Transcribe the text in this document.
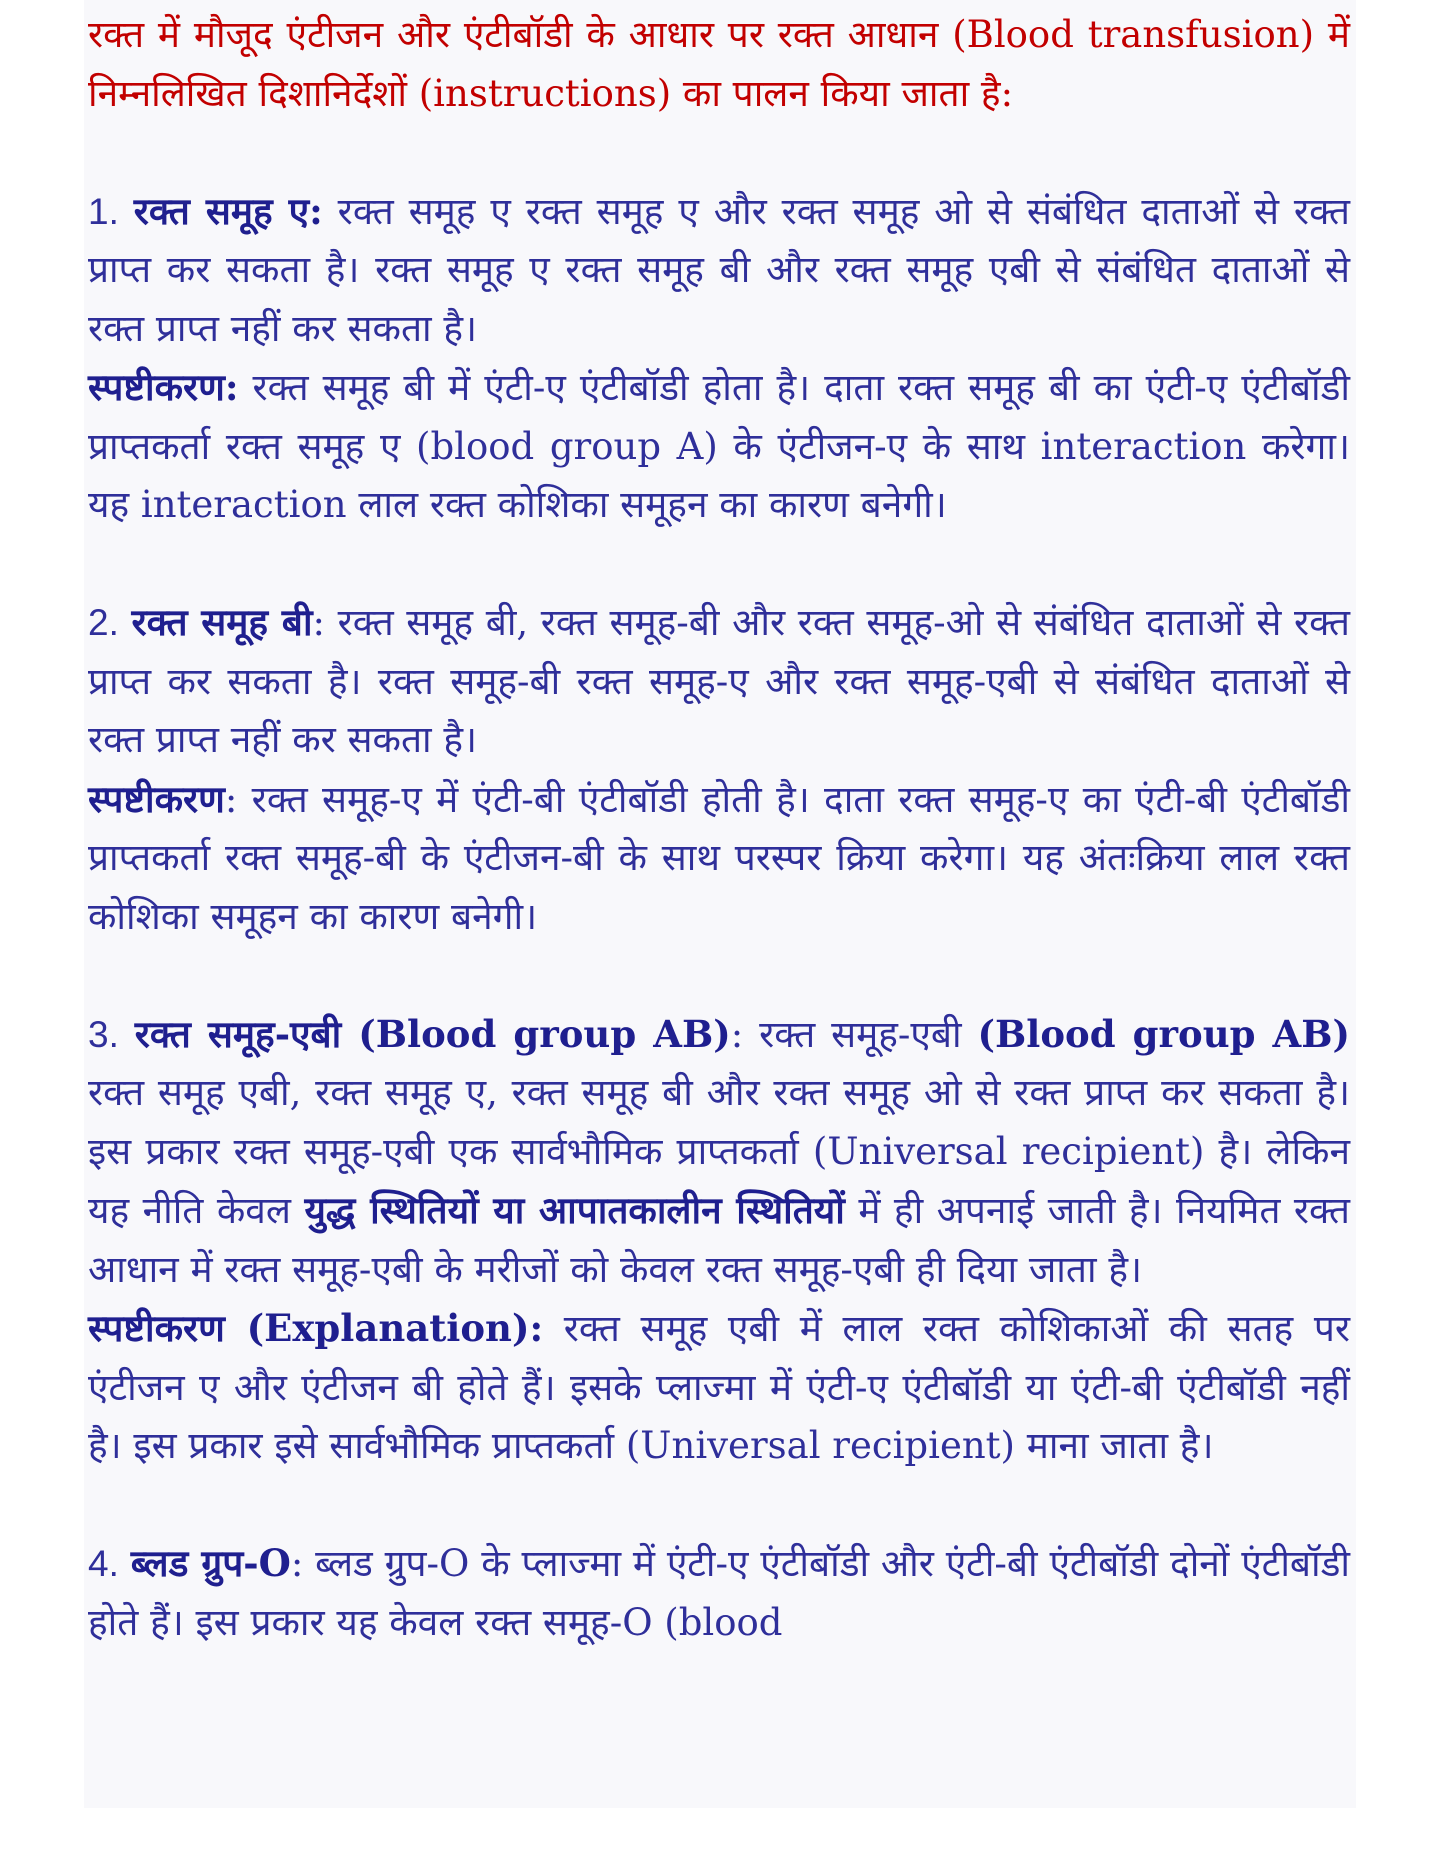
रक्त में मौजूद एंटीजन और एंटीबॉडी के आधार पर रक्त आधान (Blood transfusion) में निम्नलिखित दिशानिर्देशों (instructions) का पालन किया जाता है:

1. रक्त समूह ए: रक्त समूह ए रक्त समूह ए और रक्त समूह ओ से संबंधित दाताओं से रक्त प्राप्त कर सकता है। रक्त समूह ए रक्त समूह बी और रक्त समूह एबी से संबंधित दाताओं से रक्त प्राप्त नहीं कर सकता है।

स्पष्टीकरण: रक्त समूह बी में एंटी-ए एंटीबॉडी होता है। दाता रक्त समूह बी का एंटी-ए एंटीबॉडी प्राप्तकर्ता रक्त समूह ए (blood group A) के एंटीजन-ए के साथ interaction करेगा। यह interaction लाल रक्त कोशिका समूहन का कारण बनेगी।

2. रक्त समूह बी: रक्त समूह बी, रक्त समूह-बी और रक्त समूह-ओ से संबंधित दाताओं से रक्त प्राप्त कर सकता है। रक्त समूह-बी रक्त समूह-ए और रक्त समूह-एबी से संबंधित दाताओं से रक्त प्राप्त नहीं कर सकता है।

स्पष्टीकरण: रक्त समूह-ए में एंटी-बी एंटीबॉडी होती है। दाता रक्त समूह-ए का एंटी-बी एंटीबॉडी प्राप्तकर्ता रक्त समूह-बी के एंटीजन-बी के साथ परस्पर क्रिया करेगा। यह अंतःक्रिया लाल रक्त कोशिका समूहन का कारण बनेगी।

3. रक्त समूह-एबी (Blood group AB): रक्त समूह-एबी (Blood group AB) रक्त समूह एबी, रक्त समूह ए, रक्त समूह बी और रक्त समूह ओ से रक्त प्राप्त कर सकता है। इस प्रकार रक्त समूह-एबी एक सार्वभौमिक प्राप्तकर्ता (Universal recipient) है। लेकिन यह नीति केवल युद्ध स्थितियों या आपातकालीन स्थितियों में ही अपनाई जाती है। नियमित रक्त आधान में रक्त समूह-एबी के मरीजों को केवल रक्त समूह-एबी ही दिया जाता है।

स्पष्टीकरण (Explanation): रक्त समूह एबी में लाल रक्त कोशिकाओं की सतह पर एंटीजन ए और एंटीजन बी होते हैं। इसके प्लाज्मा में एंटी-ए एंटीबॉडी या एंटी-बी एंटीबॉडी नहीं है। इस प्रकार इसे सार्वभौमिक प्राप्तकर्ता (Universal recipient) माना जाता है।

4. ब्लड ग्रुप-O: ब्लड ग्रुप-O के प्लाज्मा में एंटी-ए एंटीबॉडी और एंटी-बी एंटीबॉडी दोनों एंटीबॉडी होते हैं। इस प्रकार यह केवल रक्त समूह-O (blood
